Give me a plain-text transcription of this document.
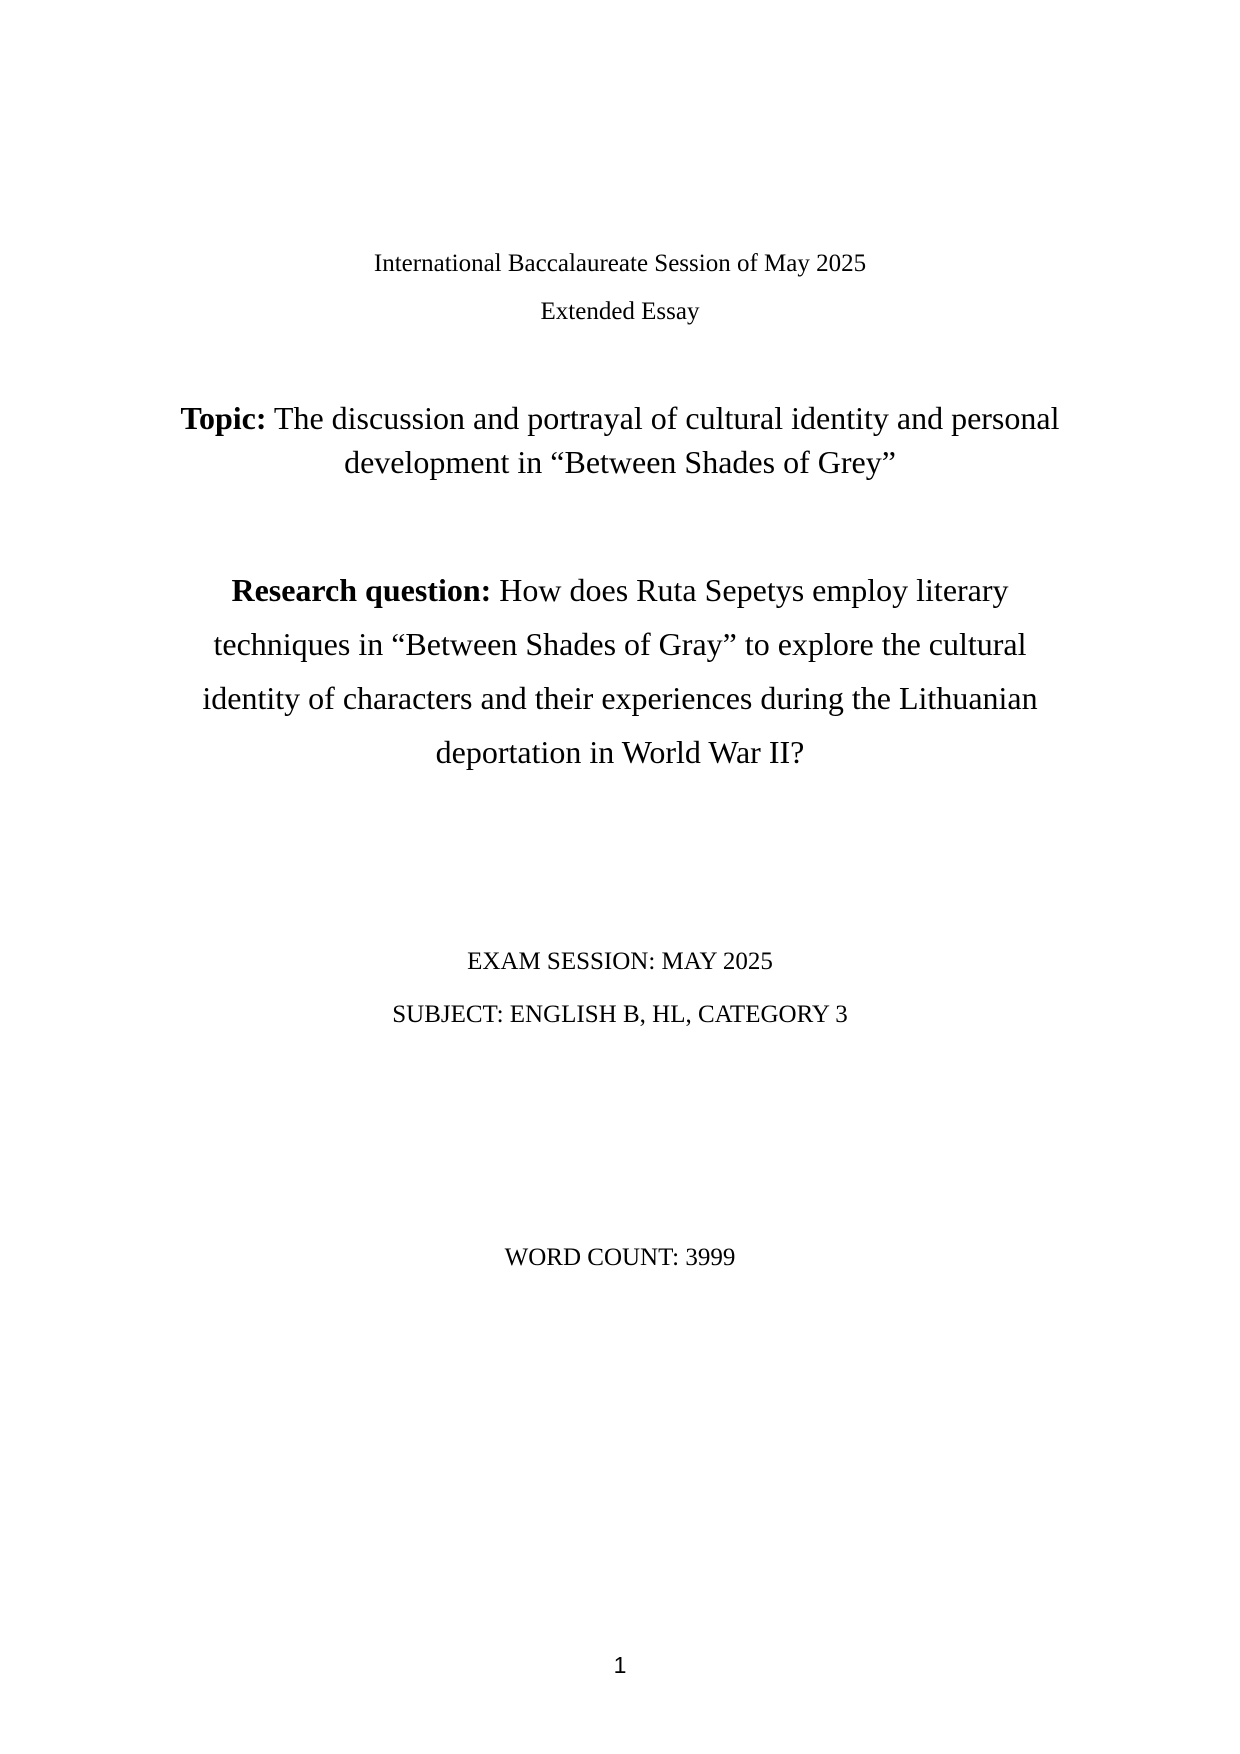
International Baccalaureate Session of May 2025
Extended Essay
Topic: The discussion and portrayal of cultural identity and personal
development in “Between Shades of Grey”
Research question: How does Ruta Sepetys employ literary
techniques in “Between Shades of Gray” to explore the cultural
identity of characters and their experiences during the Lithuanian
deportation in World War II?
EXAM SESSION: MAY 2025
SUBJECT: ENGLISH B, HL, CATEGORY 3
WORD COUNT: 3999
1
